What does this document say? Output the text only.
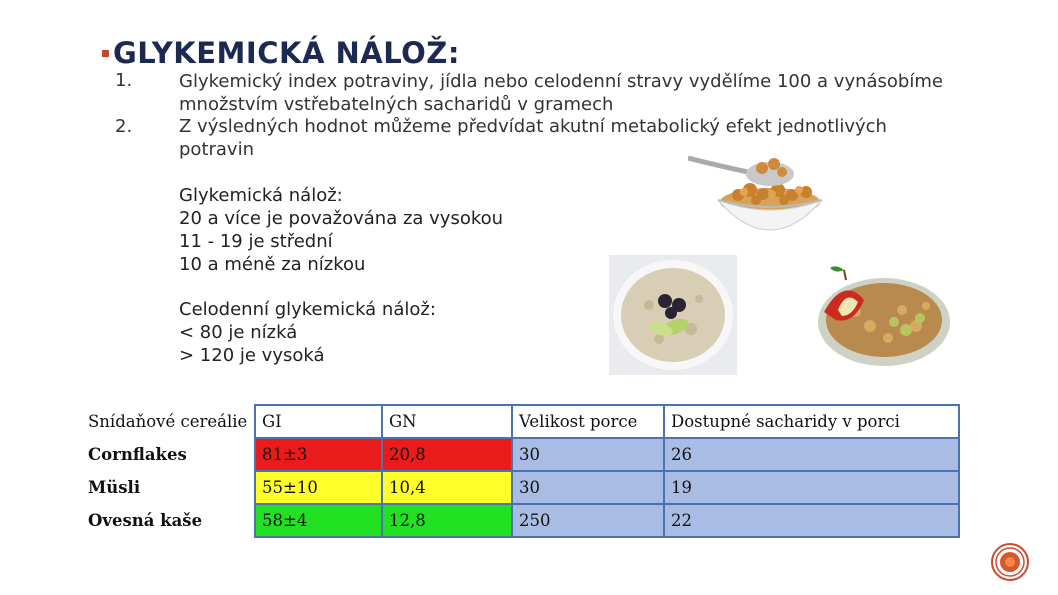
GLYKEMICKÁ NÁLOŽ:
1.	Glykemický index potraviny, jídla nebo celodenní stravy vydělíme 100 a vynásobíme množstvím vstřebatelných sacharidů v gramech
2.	Z výsledných hodnot můžeme předvídat akutní metabolický efekt jednotlivých potravin
Glykemická nálož:
20 a více je považována za vysokou
11 - 19 je střední
10 a méně za nízkou
Celodenní glykemická nálož:
< 80 je nízká
> 120 je vysoká
Snídaňové cereálie	GI	GN	Velikost porce	Dostupné sacharidy v porci
Cornflakes	81±3	20,8	30	26
Müsli	55±10	10,4	30	19
Ovesná kaše	58±4	12,8	250	22
